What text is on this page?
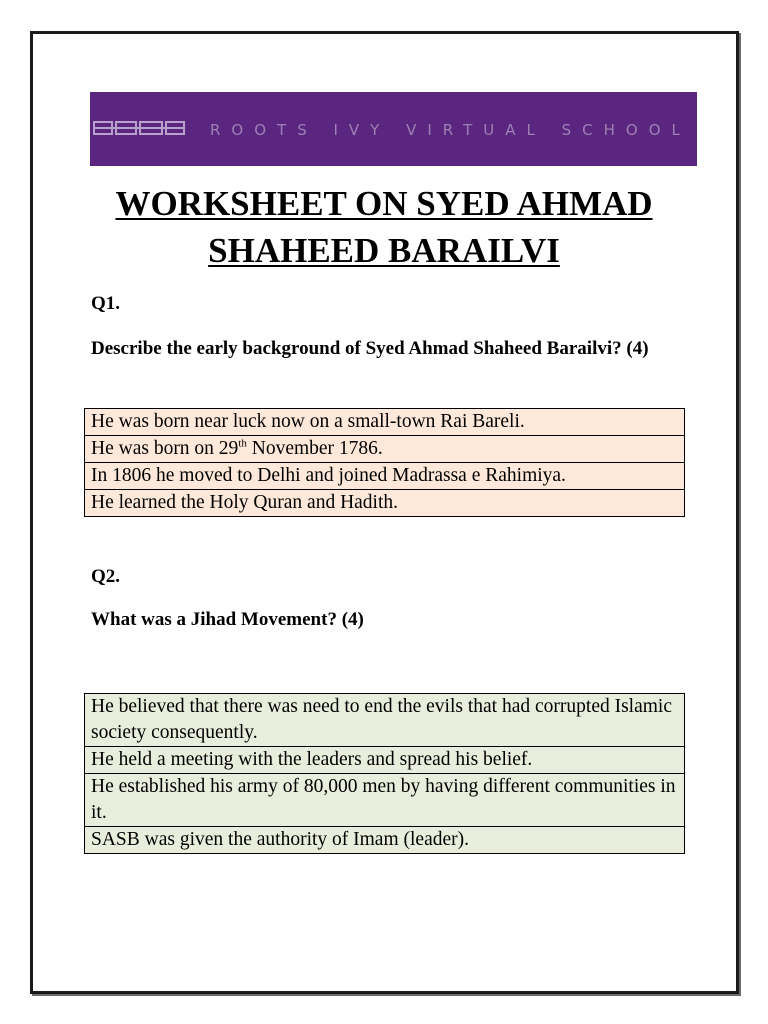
ROOTS IVY VIRTUAL SCHOOL
WORKSHEET ON SYED AHMAD
SHAHEED BARAILVI
Q1.
Describe the early background of Syed Ahmad Shaheed Barailvi? (4)
He was born near luck now on a small-town Rai Bareli.
He was born on 29th November 1786.
In 1806 he moved to Delhi and joined Madrassa e Rahimiya.
He learned the Holy Quran and Hadith.
Q2.
What was a Jihad Movement? (4)
He believed that there was need to end the evils that had corrupted Islamic society consequently.
He held a meeting with the leaders and spread his belief.
He established his army of 80,000 men by having different communities in it.
SASB was given the authority of Imam (leader).
